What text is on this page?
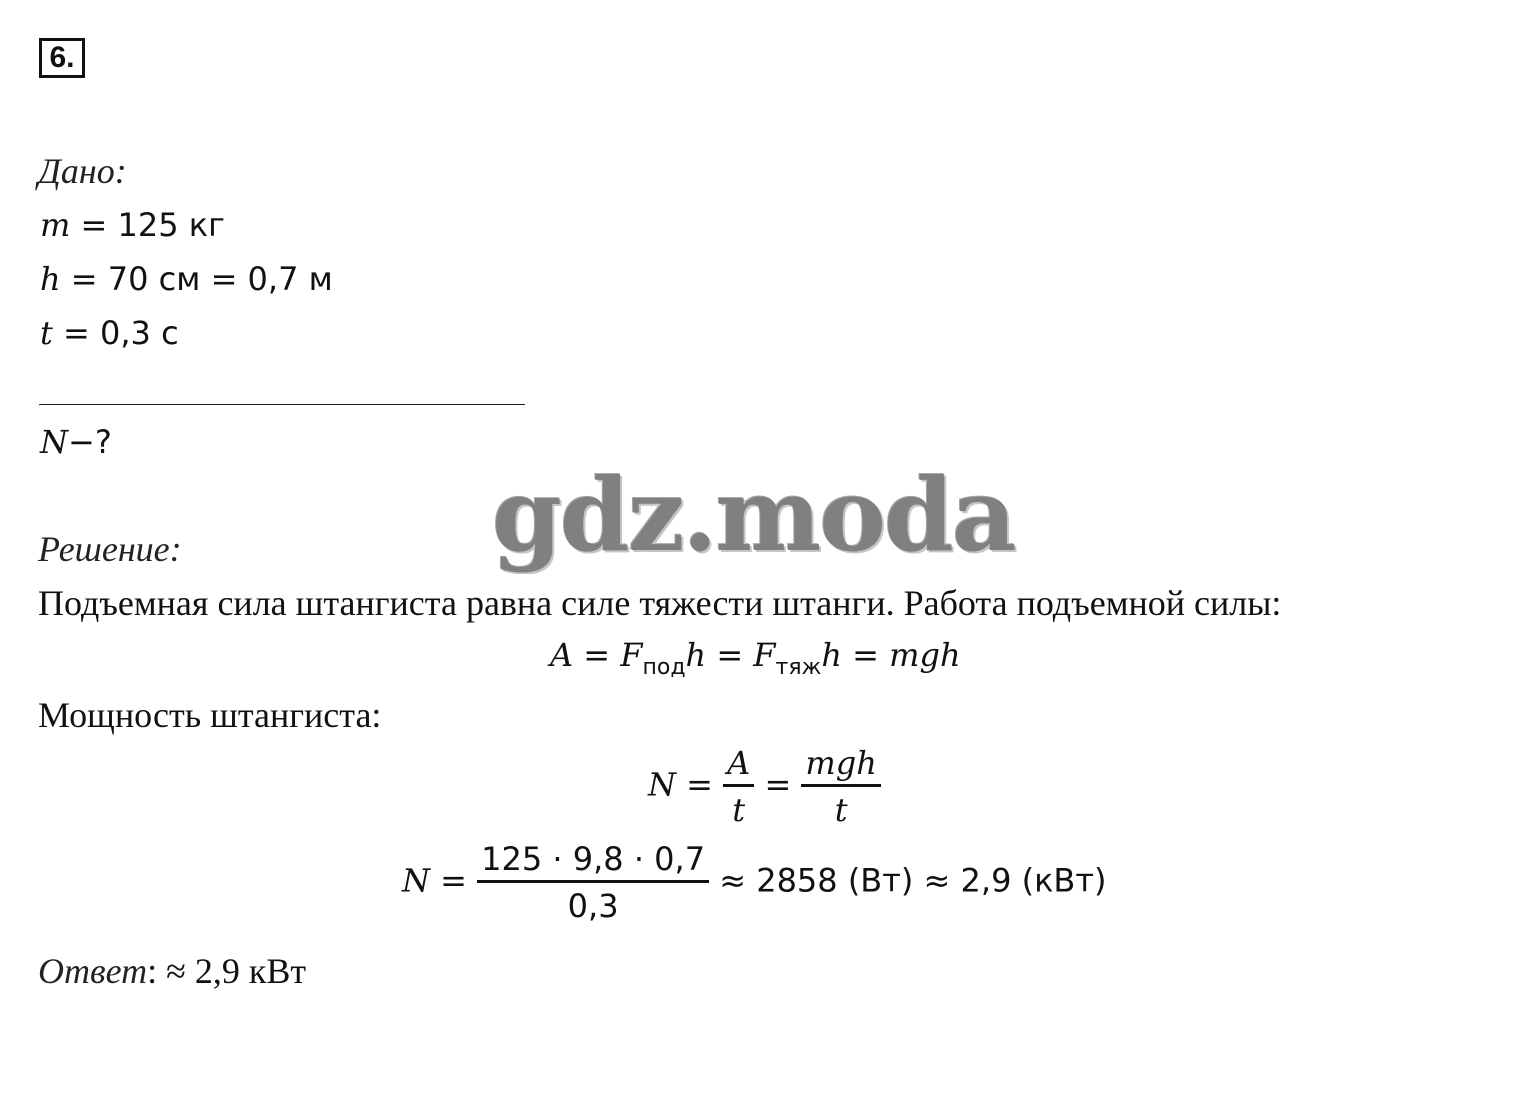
6.
Дано:
m = 125 кг
h = 70 см = 0,7 м
t = 0,3 с
N−?
gdz.moda
Решение:
Подъемная сила штангиста равна силе тяжести штанги. Работа подъемной силы:
$A = F_{под}h = F_{тяж}h$ = mgh
Мощность штангиста:
$N = \frac{A}{t} = \frac{\text{mgh}}{t}$
$N = \frac{125 \cdot 9,8 \cdot 0,7}{0,3} \approx 2858$ (Вт) ≈ 2,9 (кВт)
Ответ: ≈ 2,9 кВт
